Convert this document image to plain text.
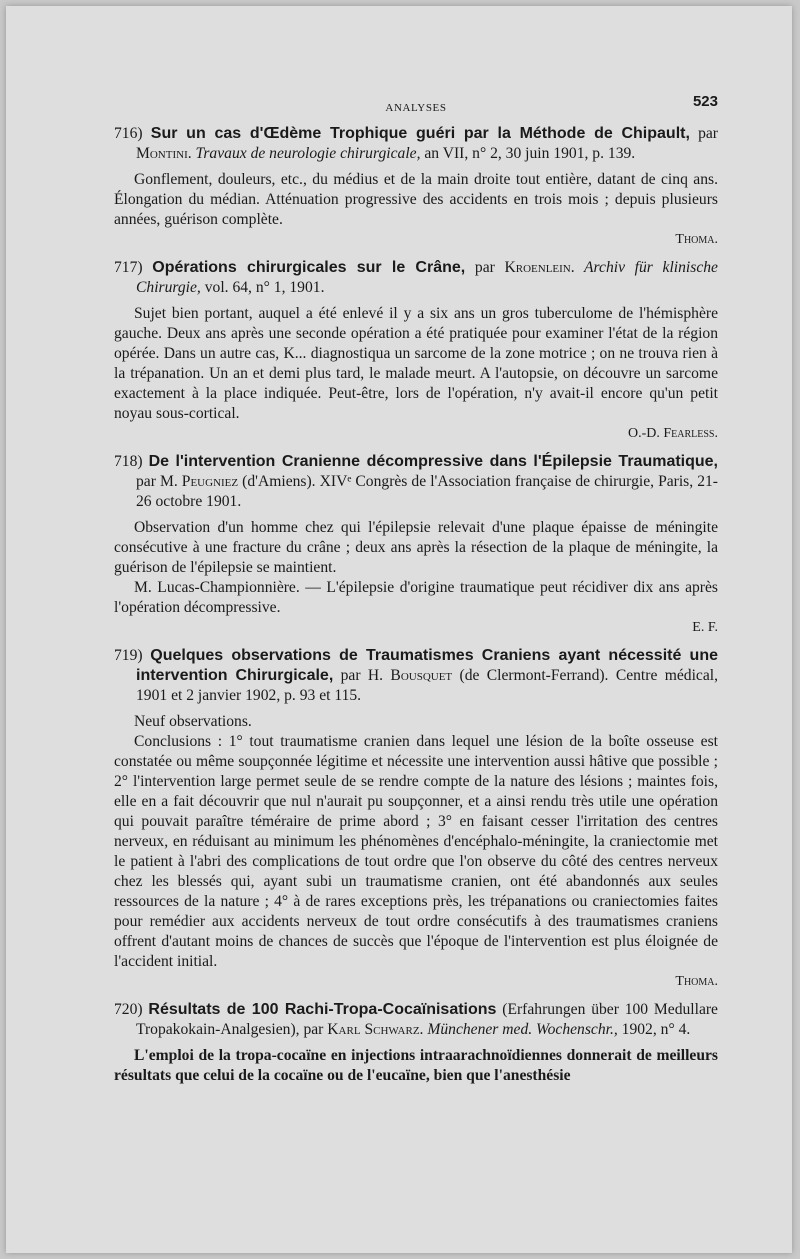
ANALYSES	523
716) Sur un cas d'Œdème Trophique guéri par la Méthode de Chipault, par Montini. Travaux de neurologie chirurgicale, an VII, n° 2, 30 juin 1901, p. 139.

Gonflement, douleurs, etc., du médius et de la main droite tout entière, datant de cinq ans. Élongation du médian. Atténuation progressive des accidents en trois mois ; depuis plusieurs années, guérison complète.

Thoma.
717) Opérations chirurgicales sur le Crâne, par Kroenlein. Archiv für klinische Chirurgie, vol. 64, n° 1, 1901.

Sujet bien portant, auquel a été enlevé il y a six ans un gros tuberculome de l'hémisphère gauche. Deux ans après une seconde opération a été pratiquée pour examiner l'état de la région opérée. Dans un autre cas, K... diagnostiqua un sarcome de la zone motrice ; on ne trouva rien à la trépanation. Un an et demi plus tard, le malade meurt. A l'autopsie, on découvre un sarcome exactement à la place indiquée. Peut-être, lors de l'opération, n'y avait-il encore qu'un petit noyau sous-cortical.

O.-D. Fearless.
718) De l'intervention Cranienne décompressive dans l'Épilepsie Traumatique, par M. Peugniez (d'Amiens). XIVᵉ Congrès de l'Association française de chirurgie, Paris, 21-26 octobre 1901.

Observation d'un homme chez qui l'épilepsie relevait d'une plaque épaisse de méningite consécutive à une fracture du crâne ; deux ans après la résection de la plaque de méningite, la guérison de l'épilepsie se maintient.

M. Lucas-Championnière. — L'épilepsie d'origine traumatique peut récidiver dix ans après l'opération décompressive.

E. F.
719) Quelques observations de Traumatismes Craniens ayant nécessité une intervention Chirurgicale, par H. Bousquet (de Clermont-Ferrand). Centre médical, 1901 et 2 janvier 1902, p. 93 et 115.

Neuf observations.

Conclusions : 1° tout traumatisme cranien dans lequel une lésion de la boîte osseuse est constatée ou même soupçonnée légitime et nécessite une intervention aussi hâtive que possible ; 2° l'intervention large permet seule de se rendre compte de la nature des lésions ; maintes fois, elle en a fait découvrir que nul n'aurait pu soupçonner, et a ainsi rendu très utile une opération qui pouvait paraître téméraire de prime abord ; 3° en faisant cesser l'irritation des centres nerveux, en réduisant au minimum les phénomènes d'encéphalo-méningite, la craniectomie met le patient à l'abri des complications de tout ordre que l'on observe du côté des centres nerveux chez les blessés qui, ayant subi un traumatisme cranien, ont été abandonnés aux seules ressources de la nature ; 4° à de rares exceptions près, les trépanations ou craniectomies faites pour remédier aux accidents nerveux de tout ordre consécutifs à des traumatismes craniens offrent d'autant moins de chances de succès que l'époque de l'intervention est plus éloignée de l'accident initial.

Thoma.
720) Résultats de 100 Rachi-Tropa-Cocaïnisations (Erfahrungen über 100 Medullare Tropakokain-Analgesien), par Karl Schwarz. Münchener med. Wochenschr., 1902, n° 4.

L'emploi de la tropa-cocaïne en injections intraarachnoïdiennes donnerait de meilleurs résultats que celui de la cocaïne ou de l'eucaïne, bien que l'anesthésie
